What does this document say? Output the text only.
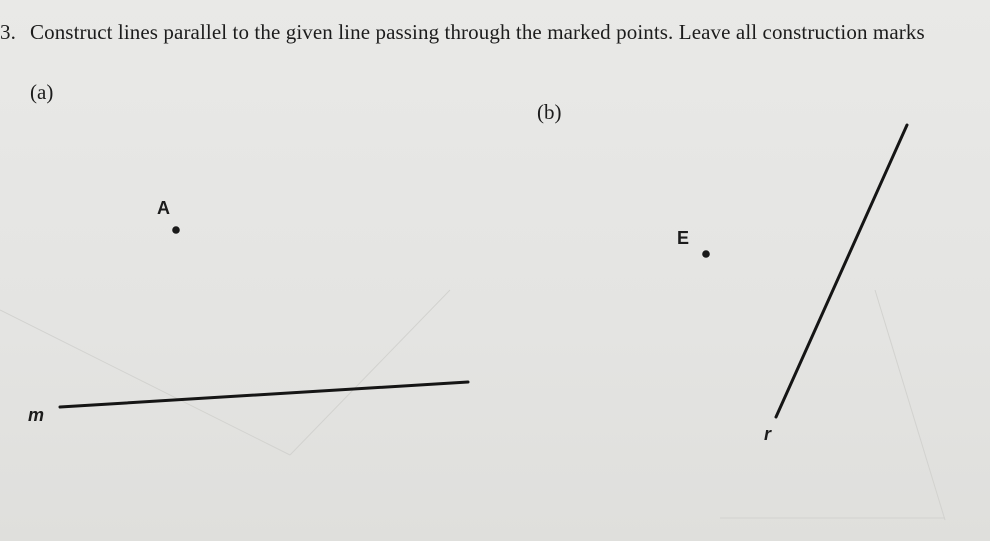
3. Construct lines parallel to the given line passing through the marked points. Leave all construction marks
(a)
(b)
A
E
m
r
